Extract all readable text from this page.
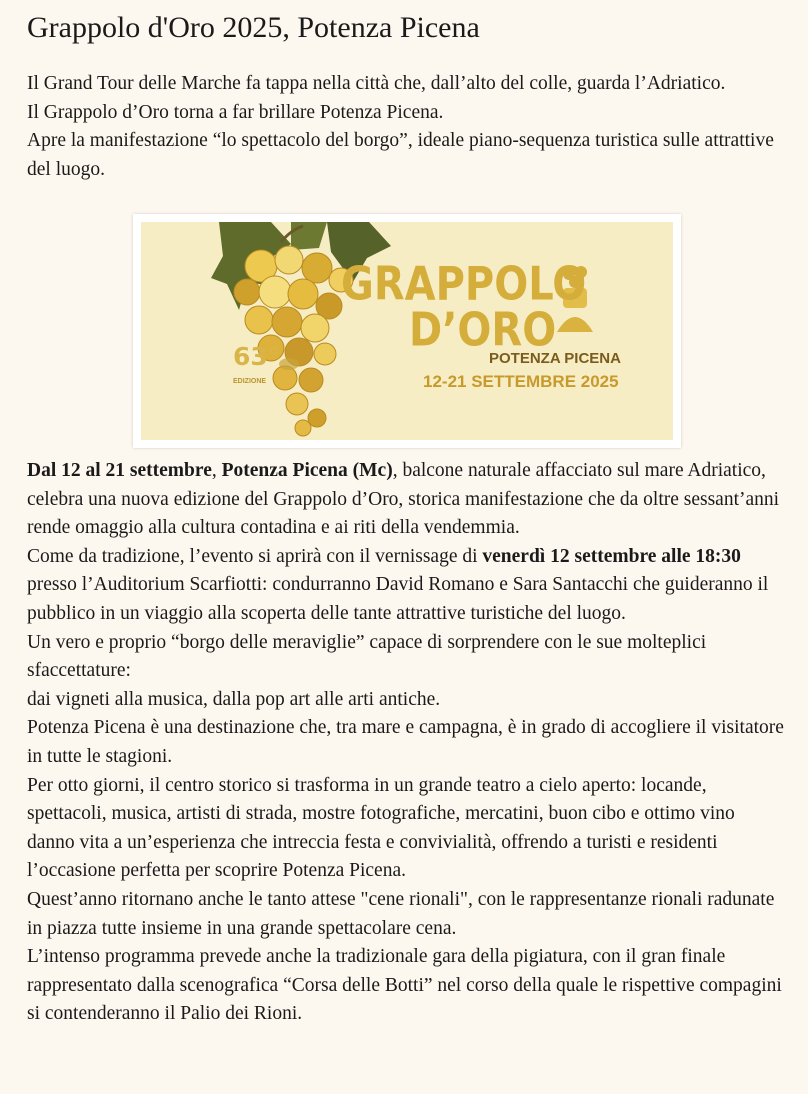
Grappolo d'Oro 2025, Potenza Picena

Il Grand Tour delle Marche fa tappa nella città che, dall’alto del colle, guarda l’Adriatico.

Il Grappolo d’Oro torna a far brillare Potenza Picena.

Apre la manifestazione “lo spettacolo del borgo”, ideale piano-sequenza turistica sulle attrattive del luogo.

GRAPPOLO
D’ORO
POTENZA PICENA
12-21 SETTEMBRE 2025
63°
EDIZIONE

Dal 12 al 21 settembre, Potenza Picena (Mc), balcone naturale affacciato sul mare Adriatico, celebra una nuova edizione del Grappolo d’Oro, storica manifestazione che da oltre sessant’anni rende omaggio alla cultura contadina e ai riti della vendemmia.

Come da tradizione, l’evento si aprirà con il vernissage di venerdì 12 settembre alle 18:30 presso l’Auditorium Scarfiotti: condurranno David Romano e Sara Santacchi che guideranno il pubblico in un viaggio alla scoperta delle tante attrattive turistiche del luogo.

Un vero e proprio “borgo delle meraviglie” capace di sorprendere con le sue molteplici sfaccettature:

dai vigneti alla musica, dalla pop art alle arti antiche.

Potenza Picena è una destinazione che, tra mare e campagna, è in grado di accogliere il visitatore in tutte le stagioni.

Per otto giorni, il centro storico si trasforma in un grande teatro a cielo aperto: locande, spettacoli, musica, artisti di strada, mostre fotografiche, mercatini, buon cibo e ottimo vino danno vita a un’esperienza che intreccia festa e convivialità, offrendo a turisti e residenti l’occasione perfetta per scoprire Potenza Picena.

Quest’anno ritornano anche le tanto attese "cene rionali", con le rappresentanze rionali radunate in piazza tutte insieme in una grande spettacolare cena.

L’intenso programma prevede anche la tradizionale gara della pigiatura, con il gran finale rappresentato dalla scenografica “Corsa delle Botti” nel corso della quale le rispettive compagini si contenderanno il Palio dei Rioni.
